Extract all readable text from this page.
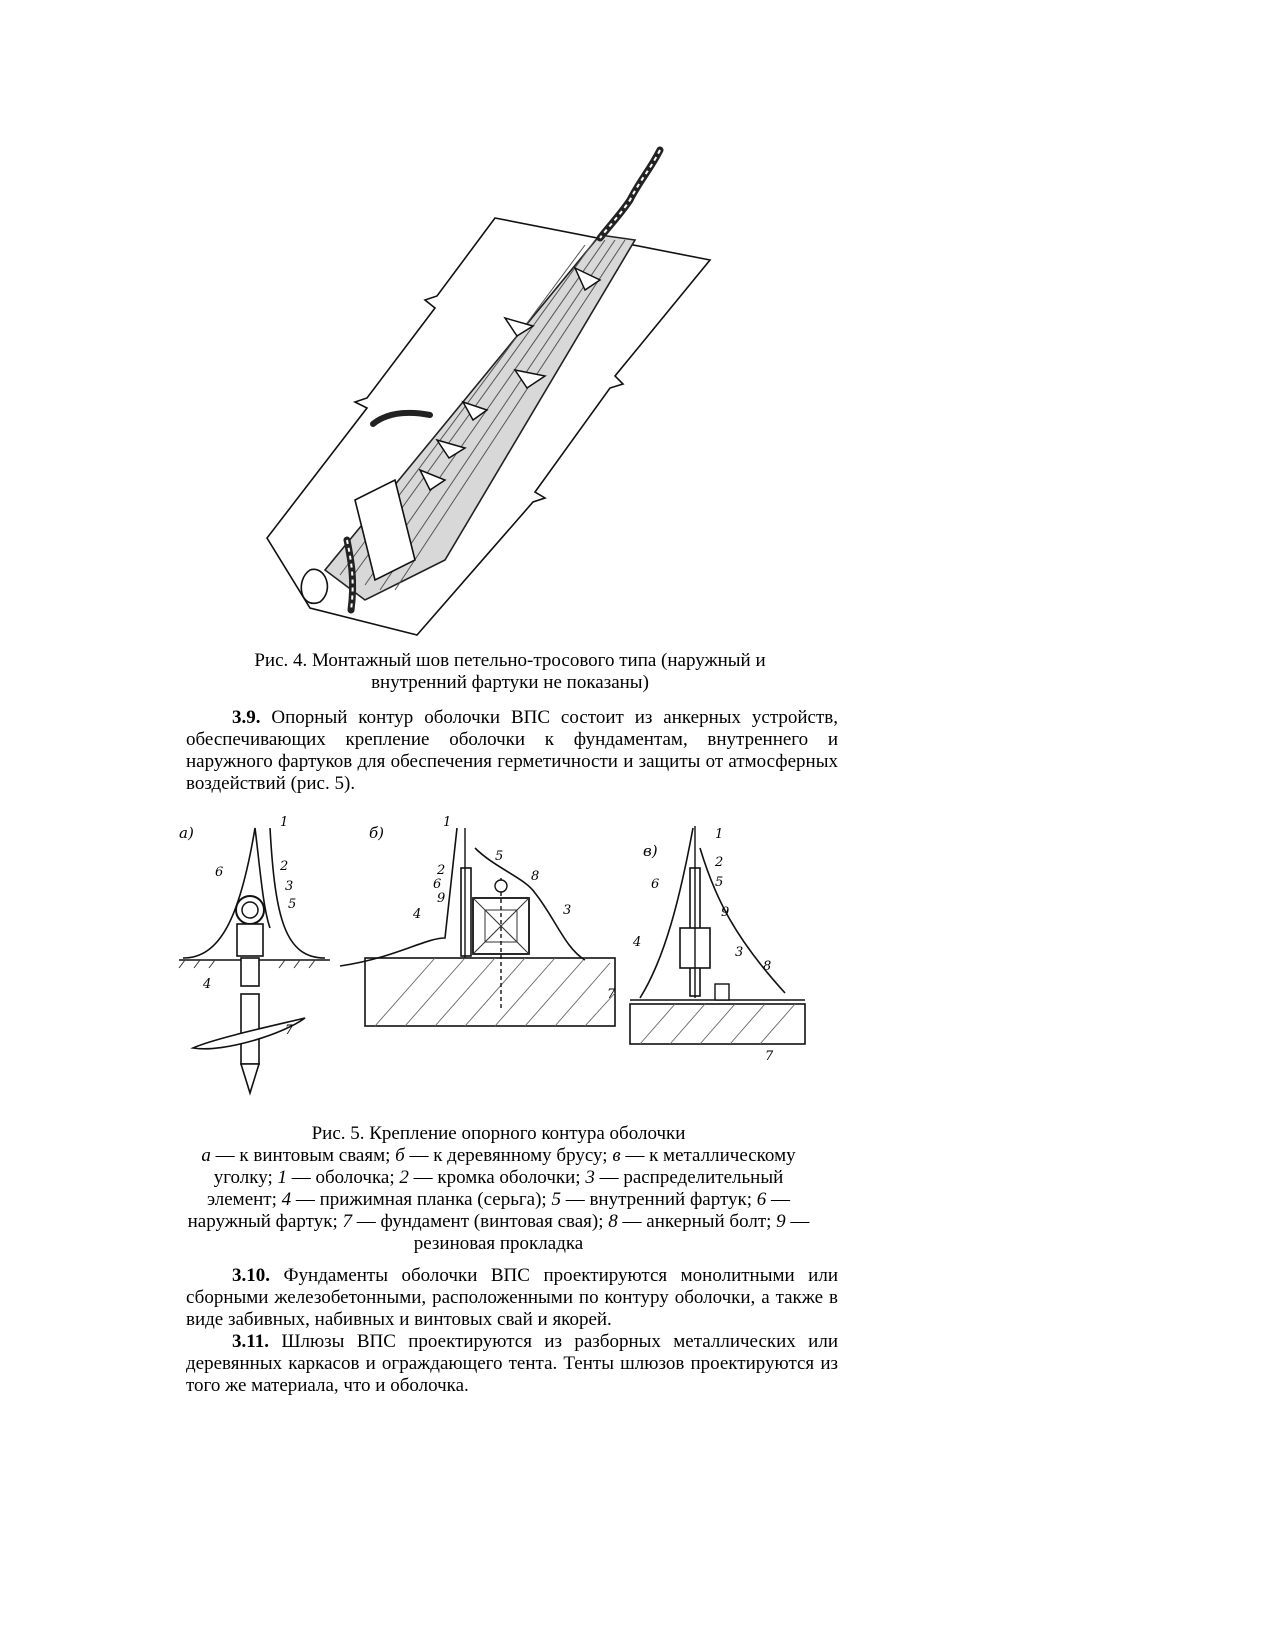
Рис. 4. Монтажный шов петельно-тросового типа (наружный и
внутренний фартуки не показаны)
3.9. Опорный контур оболочки ВПС состоит из анкерных устройств, обеспечивающих крепление оболочки к фундаментам, внутреннего и наружного фартуков для обеспечения герметичности и защиты от атмосферных воздействий (рис. 5).
а)
1
2
3
5
6
4
7
б)
1
5
8
2
6
9
3
4
7
в)
1
2
5
6
9
4
3
8
7
Рис. 5. Крепление опорного контура оболочки
а — к винтовым сваям; б — к деревянному брусу; в — к металлическому уголку; 1 — оболочка; 2 — кромка оболочки; 3 — распределительный элемент; 4 — прижимная планка (серьга); 5 — внутренний фартук; 6 — наружный фартук; 7 — фундамент (винтовая свая); 8 — анкерный болт; 9 — резиновая прокладка
3.10. Фундаменты оболочки ВПС проектируются монолитными или сборными железобетонными, расположенными по контуру оболочки, а также в виде забивных, набивных и винтовых свай и якорей.
3.11. Шлюзы ВПС проектируются из разборных металлических или деревянных каркасов и ограждающего тента. Тенты шлюзов проектируются из того же материала, что и оболочка.
